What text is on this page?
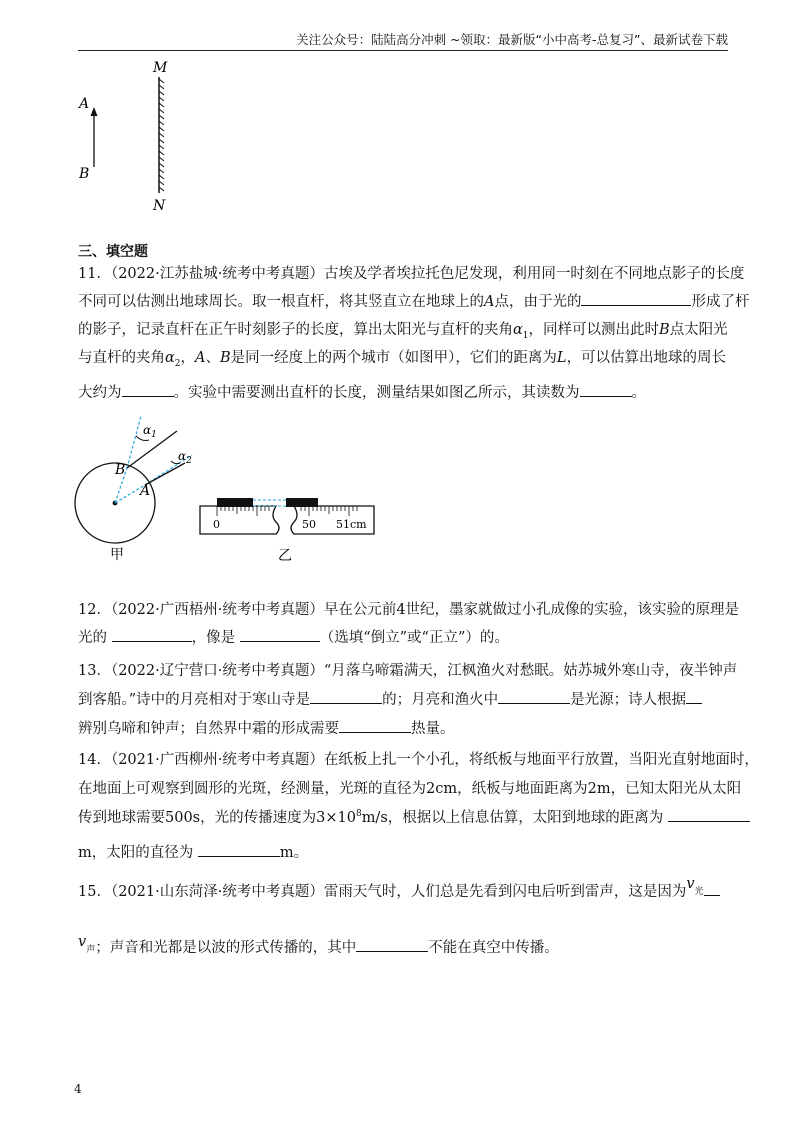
关注公众号：陆陆高分冲刺 ~领取：最新版“小中高考-总复习”、最新试卷下载
M
N
A
B
三、填空题
11．（2022·江苏盐城·统考中考真题）古埃及学者埃拉托色尼发现，利用同一时刻在不同地点影子的长度
不同可以估测出地球周长。取一根直杆，将其竖直立在地球上的A点，由于光的	形成了杆
的影子，记录直杆在正午时刻影子的长度，算出太阳光与直杆的夹角$\alpha_1$，同样可以测出此时B点太阳光
与直杆的夹角$\alpha_2$，A、B是同一经度上的两个城市（如图甲），它们的距离为L，可以估算出地球的周长
大约为	。实验中需要测出直杆的长度，测量结果如图乙所示，其读数为	。
$\alpha_1$
$\alpha_2$
B
A
甲
0	50 51cm
乙
12．（2022·广西梧州·统考中考真题）早在公元前4世纪，墨家就做过小孔成像的实验，该实验的原理是
光的	，像是	（选填“倒立”或“正立”）的。
13．（2022·辽宁营口·统考中考真题）“月落乌啼霜满天，江枫渔火对愁眠。姑苏城外寒山寺，夜半钟声
到客船。”诗中的月亮相对于寒山寺是	的；月亮和渔火中	是光源；诗人根据
辨别乌啼和钟声；自然界中霜的形成需要	热量。
14．（2021·广西柳州·统考中考真题）在纸板上扎一个小孔，将纸板与地面平行放置，当阳光直射地面时，
在地面上可观察到圆形的光斑，经测量，光斑的直径为2cm，纸板与地面距离为2m，已知太阳光从太阳
传到地球需要500s，光的传播速度为$3\times 10^8m/s$，根据以上信息估算，太阳到地球的距离为
m，太阳的直径为	m。
15．（2021·山东菏泽·统考中考真题）雷雨天气时，人们总是先看到闪电后听到雷声，这是因为$v_光$
$v_声$；声音和光都是以波的形式传播的，其中	不能在真空中传播。
4
